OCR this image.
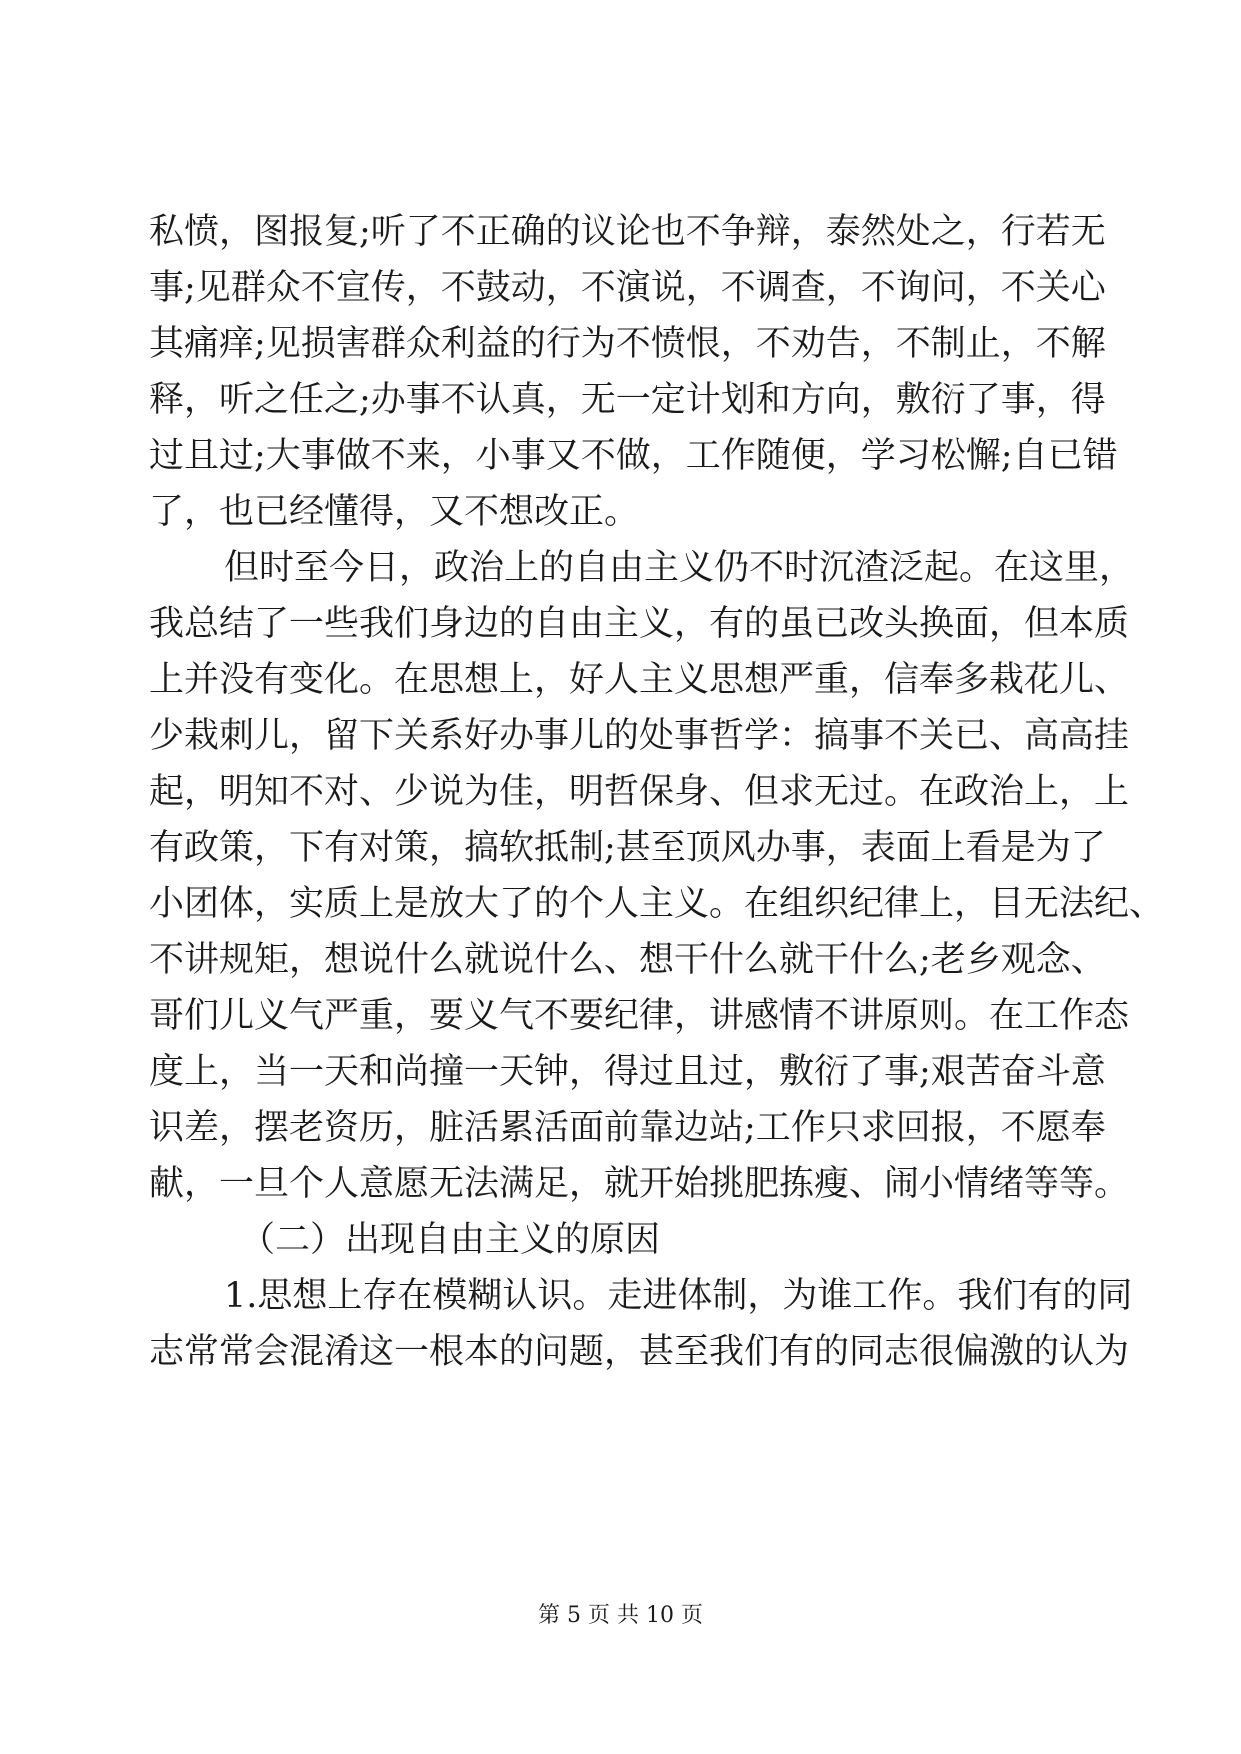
私愤，图报复;听了不正确的议论也不争辩，泰然处之，行若无
事;见群众不宣传，不鼓动，不演说，不调查，不询问，不关心
其痛痒;见损害群众利益的行为不愤恨，不劝告，不制止，不解
释，听之任之;办事不认真，无一定计划和方向，敷衍了事，得
过且过;大事做不来，小事又不做，工作随便，学习松懈;自已错
了，也已经懂得，又不想改正。
但时至今日，政治上的自由主义仍不时沉渣泛起。在这里，
我总结了一些我们身边的自由主义，有的虽已改头换面，但本质
上并没有变化。在思想上，好人主义思想严重，信奉多栽花儿、
少栽刺儿，留下关系好办事儿的处事哲学：搞事不关已、高高挂
起，明知不对、少说为佳，明哲保身、但求无过。在政治上，上
有政策，下有对策，搞软抵制;甚至顶风办事，表面上看是为了
小团体，实质上是放大了的个人主义。在组织纪律上，目无法纪、
不讲规矩，想说什么就说什么、想干什么就干什么;老乡观念、
哥们儿义气严重，要义气不要纪律，讲感情不讲原则。在工作态
度上，当一天和尚撞一天钟，得过且过，敷衍了事;艰苦奋斗意
识差，摆老资历，脏活累活面前靠边站;工作只求回报，不愿奉
献，一旦个人意愿无法满足，就开始挑肥拣瘦、闹小情绪等等。
（二）出现自由主义的原因
1.思想上存在模糊认识。走进体制，为谁工作。我们有的同
志常常会混淆这一根本的问题，甚至我们有的同志很偏激的认为
第 5 页 共 10 页
